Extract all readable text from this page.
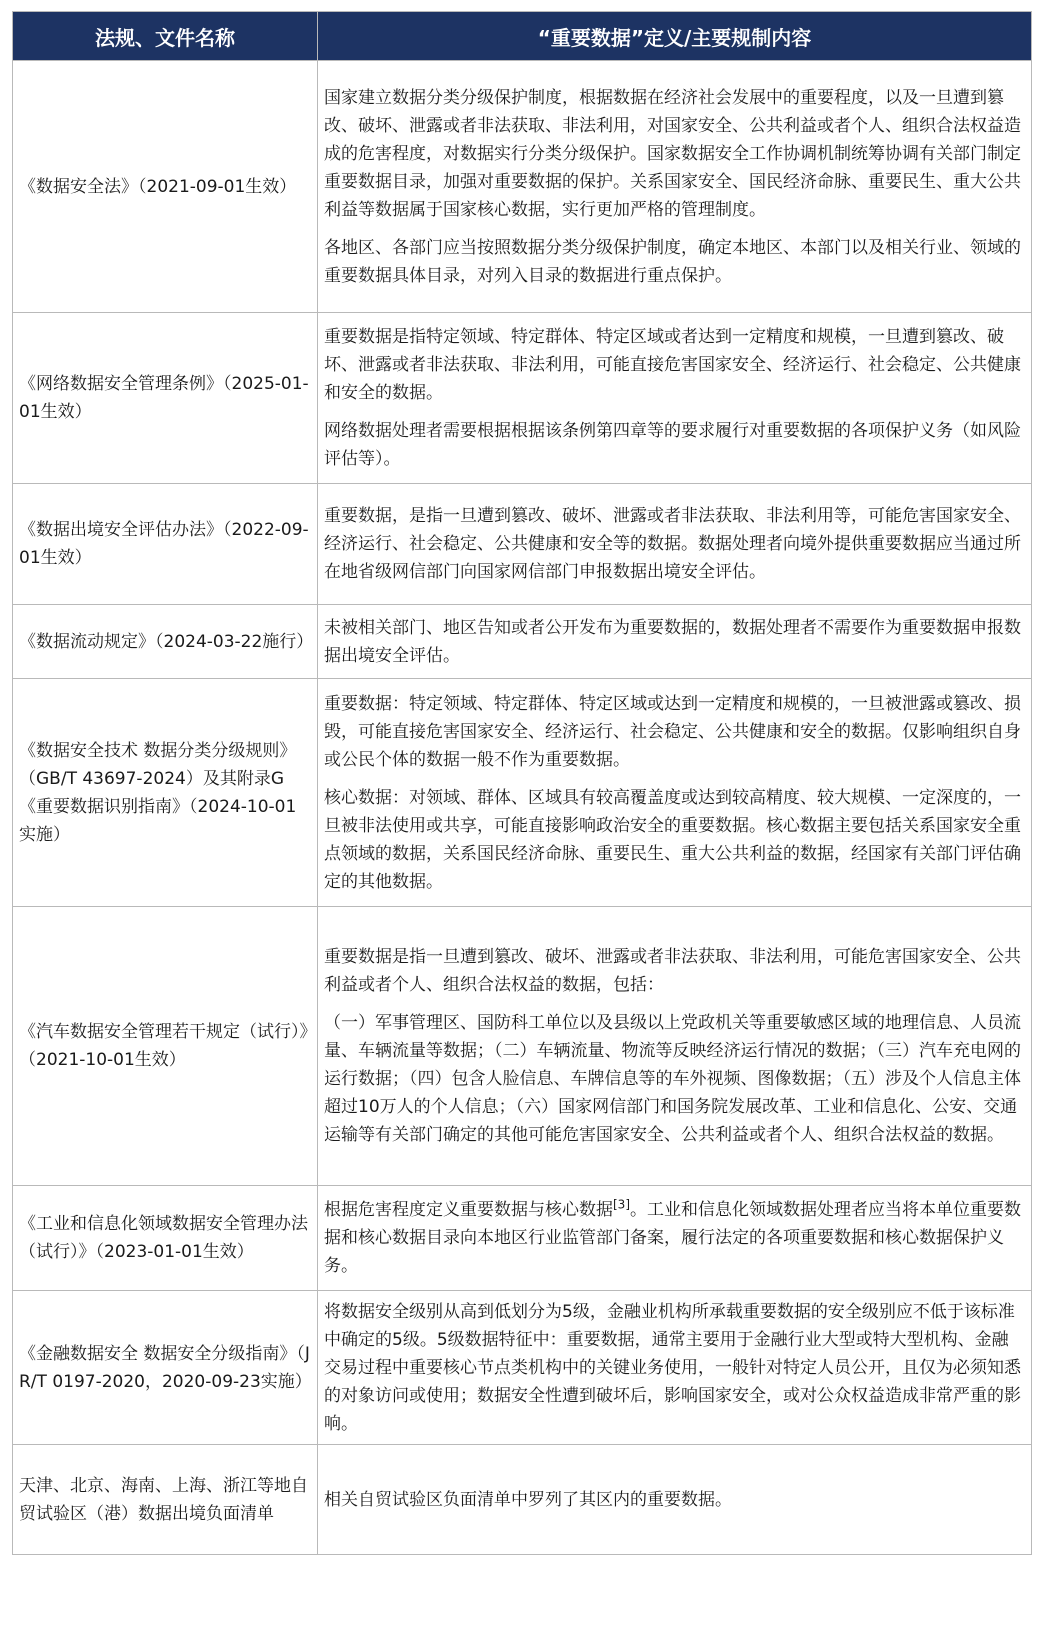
法规、文件名称	“重要数据”定义/主要规制内容
《数据安全法》（2021-09-01生效）	国家建立数据分类分级保护制度，根据数据在经济社会发展中的重要程度，以及一旦遭到篡改、破坏、泄露或者非法获取、非法利用，对国家安全、公共利益或者个人、组织合法权益造成的危害程度，对数据实行分类分级保护。国家数据安全工作协调机制统筹协调有关部门制定重要数据目录，加强对重要数据的保护。关系国家安全、国民经济命脉、重要民生、重大公共利益等数据属于国家核心数据，实行更加严格的管理制度。

各地区、各部门应当按照数据分类分级保护制度，确定本地区、本部门以及相关行业、领域的重要数据具体目录，对列入目录的数据进行重点保护。

《网络数据安全管理条例》（2025-01-01生效）	重要数据是指特定领域、特定群体、特定区域或者达到一定精度和规模，一旦遭到篡改、破坏、泄露或者非法获取、非法利用，可能直接危害国家安全、经济运行、社会稳定、公共健康和安全的数据。

网络数据处理者需要根据根据该条例第四章等的要求履行对重要数据的各项保护义务（如风险评估等）。

《数据出境安全评估办法》（2022-09-01生效）	重要数据，是指一旦遭到篡改、破坏、泄露或者非法获取、非法利用等，可能危害国家安全、经济运行、社会稳定、公共健康和安全等的数据。数据处理者向境外提供重要数据应当通过所在地省级网信部门向国家网信部门申报数据出境安全评估。

《数据流动规定》（2024-03-22施行）	未被相关部门、地区告知或者公开发布为重要数据的，数据处理者不需要作为重要数据申报数据出境安全评估。

《数据安全技术 数据分类分级规则》（GB/T 43697-2024）及其附录G《重要数据识别指南》（2024-10-01实施）	重要数据：特定领域、特定群体、特定区域或达到一定精度和规模的，一旦被泄露或篡改、损毁，可能直接危害国家安全、经济运行、社会稳定、公共健康和安全的数据。仅影响组织自身或公民个体的数据一般不作为重要数据。

核心数据：对领域、群体、区域具有较高覆盖度或达到较高精度、较大规模、一定深度的，一旦被非法使用或共享，可能直接影响政治安全的重要数据。核心数据主要包括关系国家安全重点领域的数据，关系国民经济命脉、重要民生、重大公共利益的数据，经国家有关部门评估确定的其他数据。

《汽车数据安全管理若干规定（试行）》（2021-10-01生效）	重要数据是指一旦遭到篡改、破坏、泄露或者非法获取、非法利用，可能危害国家安全、公共利益或者个人、组织合法权益的数据，包括：

（一）军事管理区、国防科工单位以及县级以上党政机关等重要敏感区域的地理信息、人员流量、车辆流量等数据；（二）车辆流量、物流等反映经济运行情况的数据；（三）汽车充电网的运行数据；（四）包含人脸信息、车牌信息等的车外视频、图像数据；（五）涉及个人信息主体超过10万人的个人信息；（六）国家网信部门和国务院发展改革、工业和信息化、公安、交通运输等有关部门确定的其他可能危害国家安全、公共利益或者个人、组织合法权益的数据。

《工业和信息化领域数据安全管理办法（试行）》（2023-01-01生效）	根据危害程度定义重要数据与核心数据[3]。工业和信息化领域数据处理者应当将本单位重要数据和核心数据目录向本地区行业监管部门备案，履行法定的各项重要数据和核心数据保护义务。

《金融数据安全 数据安全分级指南》（JR/T 0197-2020，2020-09-23实施）	将数据安全级别从高到低划分为5级，金融业机构所承载重要数据的安全级别应不低于该标准中确定的5级。5级数据特征中：重要数据，通常主要用于金融行业大型或特大型机构、金融交易过程中重要核心节点类机构中的关键业务使用，一般针对特定人员公开，且仅为必须知悉的对象访问或使用；数据安全性遭到破坏后，影响国家安全，或对公众权益造成非常严重的影响。

天津、北京、海南、上海、浙江等地自贸试验区（港）数据出境负面清单	相关自贸试验区负面清单中罗列了其区内的重要数据。
